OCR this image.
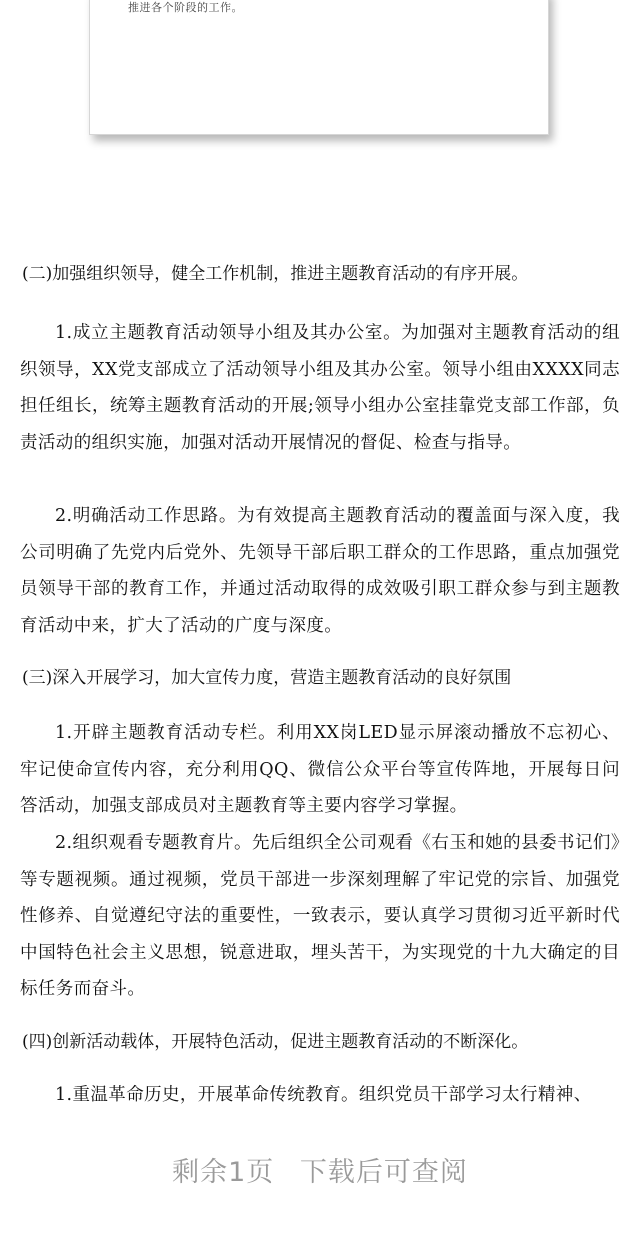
推进各个阶段的工作。
(二)加强组织领导，健全工作机制，推进主题教育活动的有序开展。
1.成立主题教育活动领导小组及其办公室。为加强对主题教育活动的组织领导，XX党支部成立了活动领导小组及其办公室。领导小组由XXXX同志担任组长，统筹主题教育活动的开展;领导小组办公室挂靠党支部工作部，负责活动的组织实施，加强对活动开展情况的督促、检查与指导。
2.明确活动工作思路。为有效提高主题教育活动的覆盖面与深入度，我公司明确了先党内后党外、先领导干部后职工群众的工作思路，重点加强党员领导干部的教育工作，并通过活动取得的成效吸引职工群众参与到主题教育活动中来，扩大了活动的广度与深度。
(三)深入开展学习，加大宣传力度，营造主题教育活动的良好氛围
1.开辟主题教育活动专栏。利用XX岗LED显示屏滚动播放不忘初心、牢记使命宣传内容，充分利用QQ、微信公众平台等宣传阵地，开展每日问答活动，加强支部成员对主题教育等主要内容学习掌握。
2.组织观看专题教育片。先后组织全公司观看《右玉和她的县委书记们》等专题视频。通过视频，党员干部进一步深刻理解了牢记党的宗旨、加强党性修养、自觉遵纪守法的重要性，一致表示，要认真学习贯彻习近平新时代中国特色社会主义思想，锐意进取，埋头苦干，为实现党的十九大确定的目标任务而奋斗。
(四)创新活动载体，开展特色活动，促进主题教育活动的不断深化。
1.重温革命历史，开展革命传统教育。组织党员干部学习太行精神、
剩余1页 下载后可查阅
